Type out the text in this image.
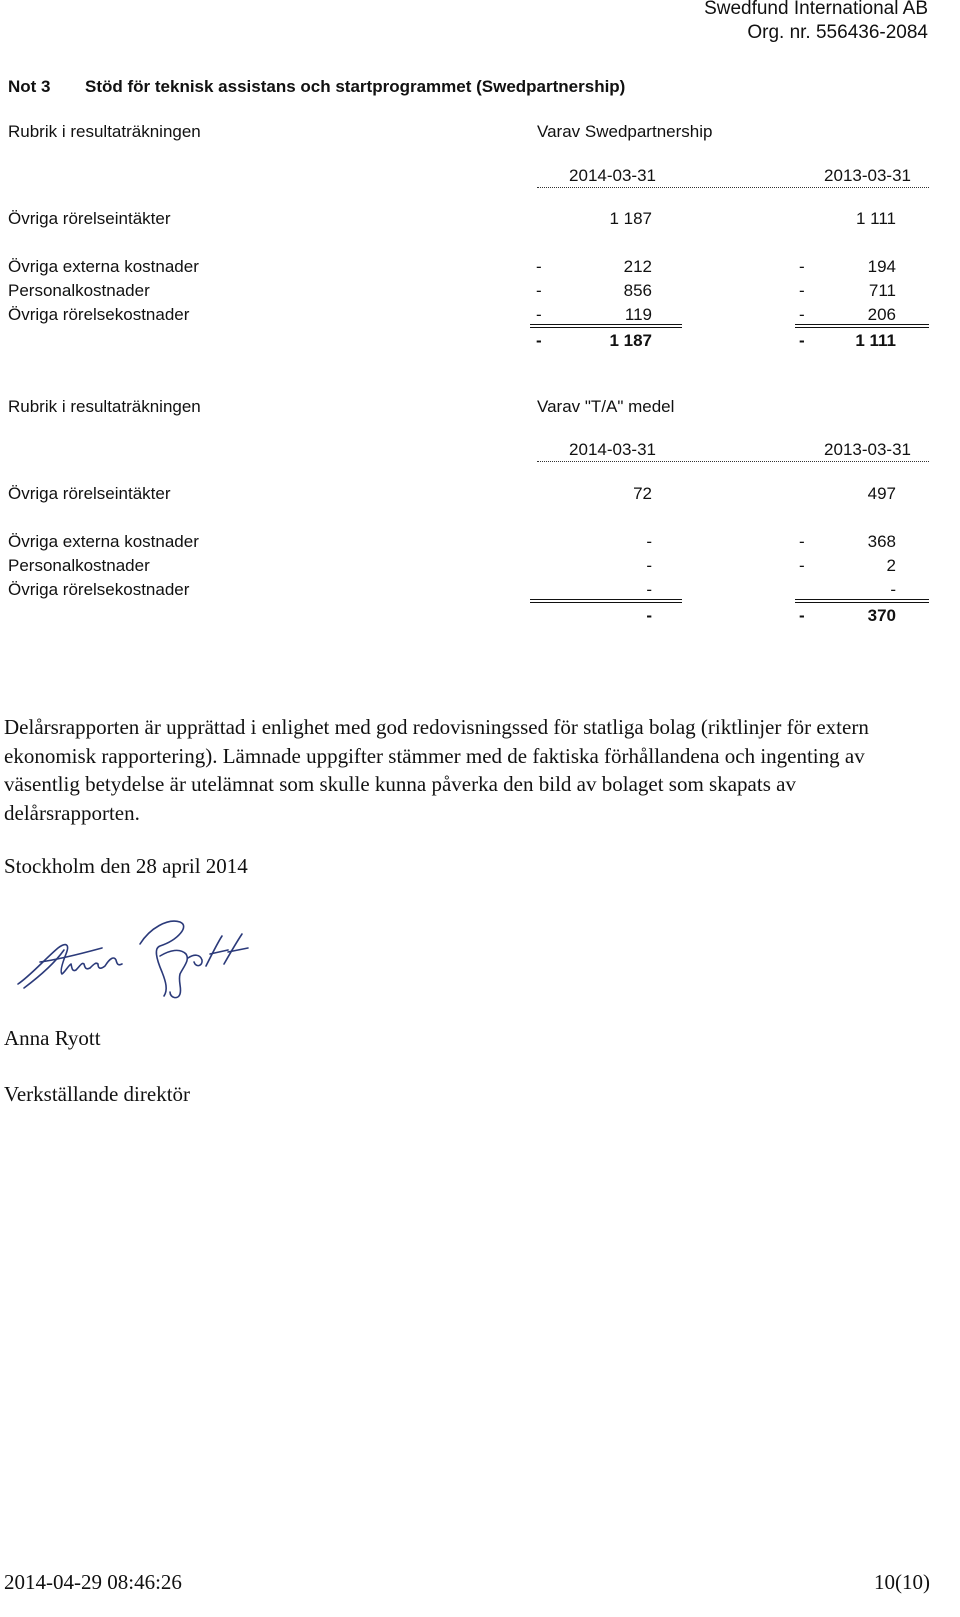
Swedfund International AB
Org. nr. 556436-2084
Not 3 Stöd för teknisk assistans och startprogrammet (Swedpartnership)
Rubrik i resultaträkningen	Varav Swedpartnership
2014-03-31	2013-03-31
Övriga rörelseintäkter	1 187	1 111
Övriga externa kostnader	-	212	-	194
Personalkostnader	-	856	-	711
Övriga rörelsekostnader	-	119	-	206
-	1 187	-	1 111
Rubrik i resultaträkningen	Varav "T/A" medel
2014-03-31	2013-03-31
Övriga rörelseintäkter	72	497
Övriga externa kostnader	-	-	368
Personalkostnader	-	-	2
Övriga rörelsekostnader	-	-
-	-	370
Delårsrapporten är upprättad i enlighet med god redovisningssed för statliga bolag (riktlinjer för extern ekonomisk rapportering). Lämnade uppgifter stämmer med de faktiska förhållandena och ingenting av väsentlig betydelse är utelämnat som skulle kunna påverka den bild av bolaget som skapats av delårsrapporten.
Stockholm den 28 april 2014
Anna Ryott
Verkställande direktör
2014-04-29 08:46:26	10(10)
